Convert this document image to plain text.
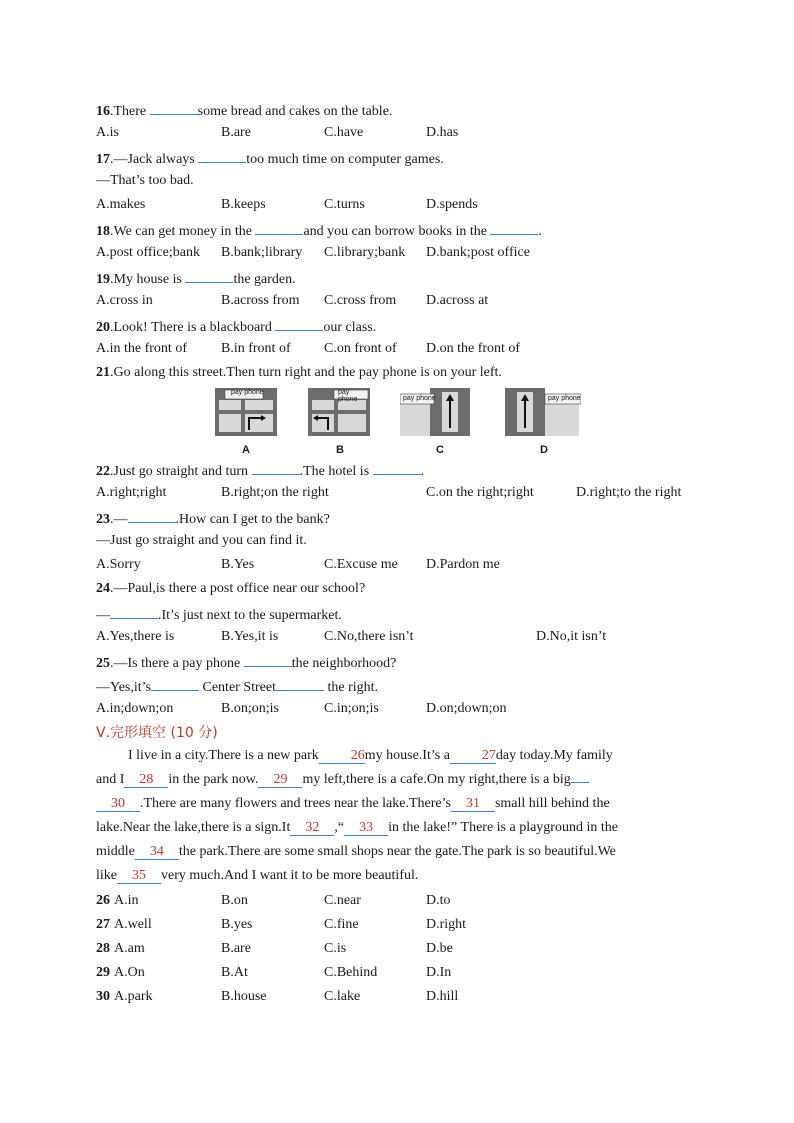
16.There	some bread and cakes on the table.
A.is	B.are	C.have	D.has
17.—Jack always	too much time on computer games.
—That’s too bad.
A.makes	B.keeps	C.turns	D.spends
18.We can get money in the	and you can borrow books in the	.
A.post office;bank B.bank;library C.library;bank D.bank;post office
19.My house is	the garden.
A.cross in	B.across from C.cross from D.across at
20.Look! There is a blackboard	our class.
A.in the front of B.in front of C.on front of D.on the front of
21.Go along this street.Then turn right and the pay phone is on your left.
pay phone
A
pay phone
B
pay phone
C
pay phone
D
22.Just go straight and turn	.The hotel is	.
A.right;right	B.right;on the right	C.on the right;right	D.right;to the right
23.—	.How can I get to the bank?
—Just go straight and you can find it.
A.Sorry	B.Yes	C.Excuse me D.Pardon me
24.—Paul,is there a post office near our school?
—	.It’s just next to the supermarket.
A.Yes,there is	B.Yes,it is	C.No,there isn’t	D.No,it isn’t
25.—Is there a pay phone	the neighborhood?
—Yes,it’s	Center Street	the right.
A.in;down;on	B.on;on;is	C.in;on;is	D.on;down;on
Ⅴ.完形填空 (10 分)
I live in a city.There is a new park 26my house.It’s a 27day today.My family
and I 28 in the park now. 29 my left,there is a cafe.On my right,there is a big
30 .There are many flowers and trees near the lake.There’s 31 small hill behind the
lake.Near the lake,there is a sign.It 32 ,“ 33 in the lake!” There is a playground in the
middle 34 the park.There are some small shops near the gate.The park is so beautiful.We
like 35 very much.And I want it to be more beautiful.
26 A.in	B.on	C.near	D.to
27 A.well	B.yes	C.fine	D.right
28 A.am	B.are	C.is	D.be
29 A.On	B.At	C.Behind	D.In
30 A.park	B.house	C.lake	D.hill
